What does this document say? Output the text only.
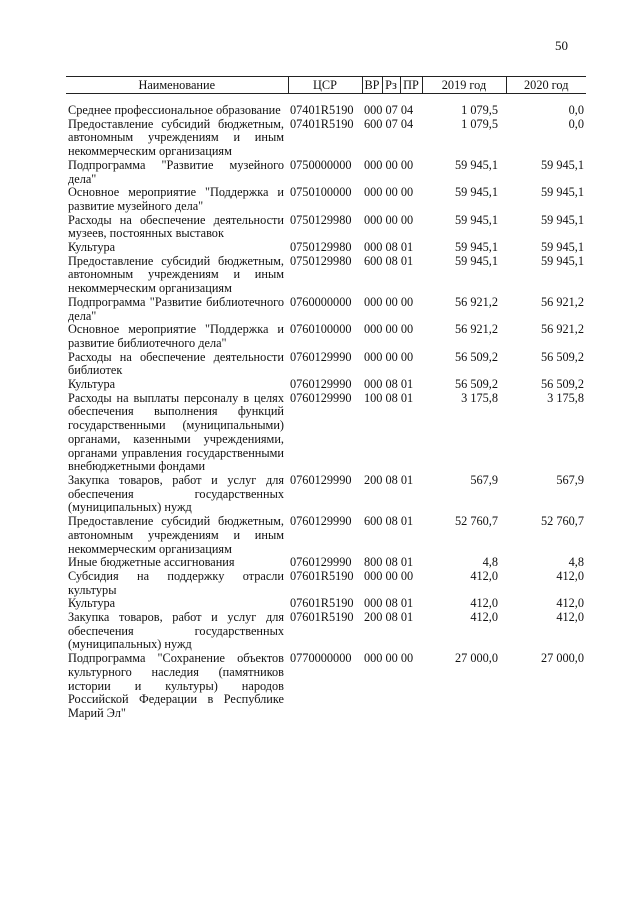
50
Наименование	ЦСР	ВР	Рз	ПР	2019 год	2020 год
Среднее профессиональное образование	07401R5190	000 07 04			1 079,5	0,0
Предоставление субсидий бюджетным, автономным учреждениям и иным некоммерческим организациям	07401R5190	600 07 04			1 079,5	0,0
Подпрограмма "Развитие музейного дела"	0750000000	000 00 00			59 945,1	59 945,1
Основное мероприятие "Поддержка и развитие музейного дела"	0750100000	000 00 00			59 945,1	59 945,1
Расходы на обеспечение деятельности музеев, постоянных выставок	0750129980	000 00 00			59 945,1	59 945,1
Культура	0750129980	000 08 01			59 945,1	59 945,1
Предоставление субсидий бюджетным, автономным учреждениям и иным некоммерческим организациям	0750129980	600 08 01			59 945,1	59 945,1
Подпрограмма "Развитие библиотечного дела"	0760000000	000 00 00			56 921,2	56 921,2
Основное мероприятие "Поддержка и развитие библиотечного дела"	0760100000	000 00 00			56 921,2	56 921,2
Расходы на обеспечение деятельности библиотек	0760129990	000 00 00			56 509,2	56 509,2
Культура	0760129990	000 08 01			56 509,2	56 509,2
Расходы на выплаты персоналу в целях обеспечения выполнения функций государственными (муниципальными) органами, казенными учреждениями, органами управления государственными внебюджетными фондами	0760129990	100 08 01			3 175,8	3 175,8
Закупка товаров, работ и услуг для обеспечения государственных (муниципальных) нужд	0760129990	200 08 01			567,9	567,9
Предоставление субсидий бюджетным, автономным учреждениям и иным некоммерческим организациям	0760129990	600 08 01			52 760,7	52 760,7
Иные бюджетные ассигнования	0760129990	800 08 01			4,8	4,8
Субсидия на поддержку отрасли культуры	07601R5190	000 00 00			412,0	412,0
Культура	07601R5190	000 08 01			412,0	412,0
Закупка товаров, работ и услуг для обеспечения государственных (муниципальных) нужд	07601R5190	200 08 01			412,0	412,0
Подпрограмма "Сохранение объектов культурного наследия (памятников истории и культуры) народов Российской Федерации в Республике Марий Эл"	0770000000	000 00 00			27 000,0	27 000,0
